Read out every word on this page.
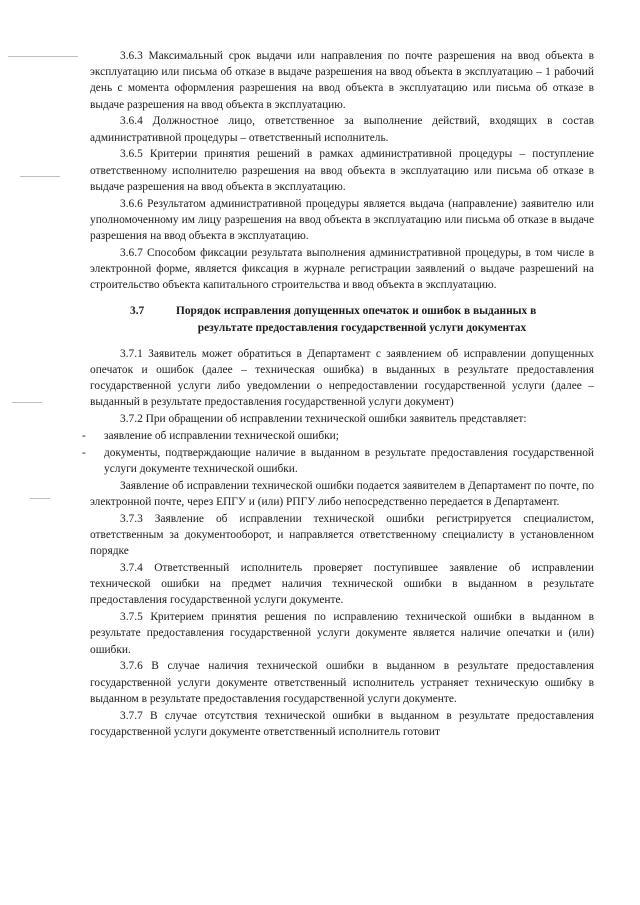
3.6.3 Максимальный срок выдачи или направления по почте разрешения на ввод объекта в эксплуатацию или письма об отказе в выдаче разрешения на ввод объекта в эксплуатацию – 1 рабочий день с момента оформления разрешения на ввод объекта в эксплуатацию или письма об отказе в выдаче разрешения на ввод объекта в эксплуатацию.

3.6.4 Должностное лицо, ответственное за выполнение действий, входящих в состав административной процедуры – ответственный исполнитель.

3.6.5 Критерии принятия решений в рамках административной процедуры – поступление ответственному исполнителю разрешения на ввод объекта в эксплуатацию или письма об отказе в выдаче разрешения на ввод объекта в эксплуатацию.

3.6.6 Результатом административной процедуры является выдача (направление) заявителю или уполномоченному им лицу разрешения на ввод объекта в эксплуатацию или письма об отказе в выдаче разрешения на ввод объекта в эксплуатацию.

3.6.7 Способом фиксации результата выполнения административной процедуры, в том числе в электронной форме, является фиксация в журнале регистрации заявлений о выдаче разрешений на строительство объекта капитального строительства и ввод объекта в эксплуатацию.

3.7	Порядок исправления допущенных опечаток и ошибок в выданных в
результате предоставления государственной услуги документах

3.7.1 Заявитель может обратиться в Департамент с заявлением об исправлении допущенных опечаток и ошибок (далее – техническая ошибка) в выданных в результате предоставления государственной услуги либо уведомлении о непредоставлении государственной услуги (далее – выданный в результате предоставления государственной услуги документ)

3.7.2 При обращении об исправлении технической ошибки заявитель представляет:

- заявление об исправлении технической ошибки;

- документы, подтверждающие наличие в выданном в результате предоставления государственной услуги документе технической ошибки.

Заявление об исправлении технической ошибки подается заявителем в Департамент по почте, по электронной почте, через ЕПГУ и (или) РПГУ либо непосредственно передается в Департамент.

3.7.3 Заявление об исправлении технической ошибки регистрируется специалистом, ответственным за документооборот, и направляется ответственному специалисту в установленном порядке

3.7.4 Ответственный исполнитель проверяет поступившее заявление об исправлении технической ошибки на предмет наличия технической ошибки в выданном в результате предоставления государственной услуги документе.

3.7.5 Критерием принятия решения по исправлению технической ошибки в выданном в результате предоставления государственной услуги документе является наличие опечатки и (или) ошибки.

3.7.6 В случае наличия технической ошибки в выданном в результате предоставления государственной услуги документе ответственный исполнитель устраняет техническую ошибку в выданном в результате предоставления государственной услуги документе.

3.7.7 В случае отсутствия технической ошибки в выданном в результате предоставления государственной услуги документе ответственный исполнитель готовит
